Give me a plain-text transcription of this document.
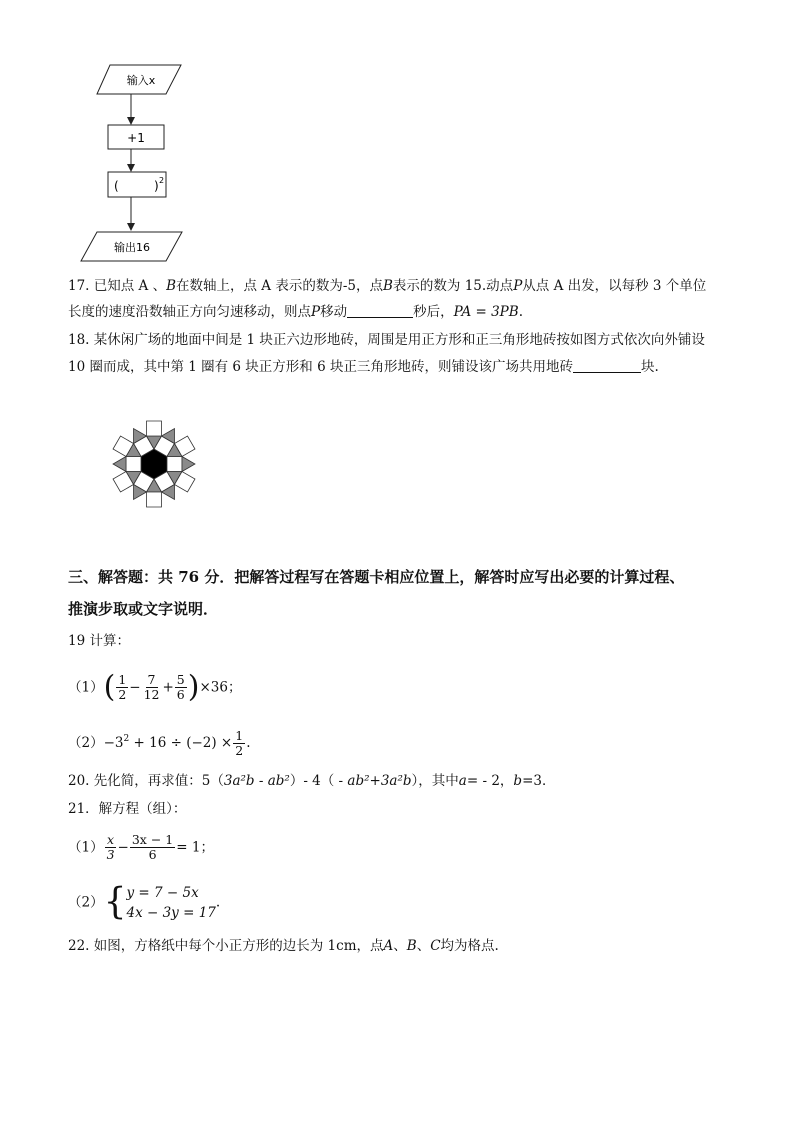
输入x
+1
(	) 2
输出16
17. 已知点 A 、B在数轴上，点 A 表示的数为-5，点B表示的数为 15.动点P从点 A 出发，以每秒 3 个单位
长度的速度沿数轴正方向匀速移动，则点P移动	秒后，PA = 3PB.
18. 某休闲广场的地面中间是 1 块正六边形地砖，周围是用正方形和正三角形地砖按如图方式依次向外铺设
10 圈而成，其中第 1 圈有 6 块正方形和 6 块正三角形地砖，则铺设该广场共用地砖	块.
三、解答题：共 76 分．把解答过程写在答题卡相应位置上，解答时应写出必要的计算过程、
推演步取或文字说明．
19 计算：
$(1)( \frac{1}{2} - \frac{7}{12} + \frac{5}{6} )\times 36$；
$(2)-3^2 + 16 \div (-2) \times \frac{1}{2}$ .
20. 先化简，再求值：5（3a²b - ab²）- 4（ - ab²+3a²b），其中a= - 2，b=3．
21．解方程（组）：
$(1) \frac{x}{3} - \frac{3x - 1}{6} = 1$；
（2）{ y = 7 − 5x
4x − 3y = 17
.
22. 如图，方格纸中每个小正方形的边长为 1cm，点A、B、C均为格点.
